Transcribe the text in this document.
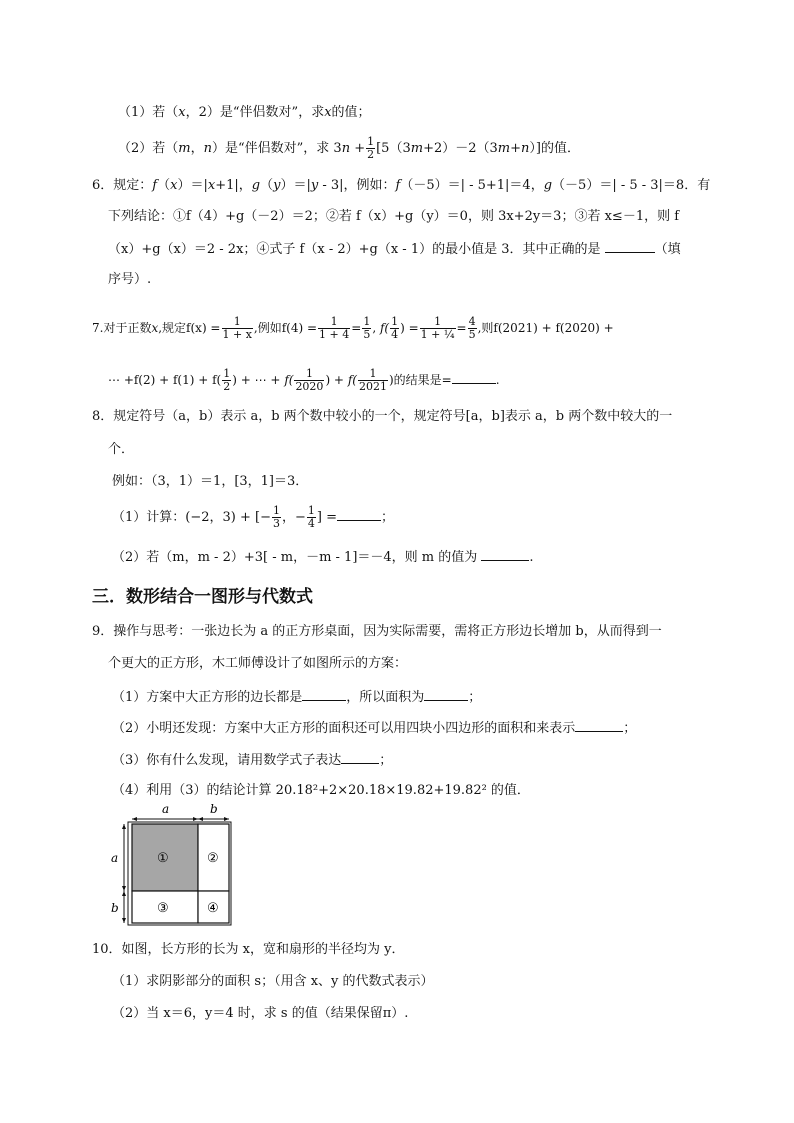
（1）若（x，2）是“伴侣数对”，求x的值；
（2）若（m，n）是“伴侣数对”，求 $3n + \frac{1}{2} [5(3m+2)-2(3m+n)]$的值．
6．规定：f（x）＝|x+1|，g（y）＝|y - 3|，例如：f（－5）＝| - 5+1|＝4，g（－5）＝| - 5 - 3|＝8．有
下列结论：①f（4）+g（－2）＝2；②若 f（x）+g（y）＝0，则 3x+2y＝3；③若 x≤－1，则 f
（x）+g（x）＝2 - 2x；④式子 f（x - 2）+g（x - 1）的最小值是 3．其中正确的是	（填
序号）.
7.对于正数x,规定$f(x) = \frac{1}{1 + x}$ ,例如$f(4) = \frac{1}{1 + 4} = \frac{1}{5}$ , $f( \frac{1}{4}$ ) = $\frac{1}{\text{1 + ¼}} = \frac{4}{5}$ ,则f(2021) + f(2020) +
⋯ $+f(2) + f(1) + f( \frac{1}{2}$ ) + ⋯ + $f( \frac{1}{2020}$ ) + $f( \frac{1}{2021}$ )的结果是=	.
8．规定符号（a，b）表示 a，b 两个数中较小的一个，规定符号[a，b]表示 a，b 两个数中较大的一
个．
例如：（3，1）＝1，[3，1]＝3．
（1）计算：(−2，3) + [− $\frac{1}{3}$ ，− $\frac{1}{4}$ ] =	；
（2）若（m，m - 2）+3[ - m，－m - 1]＝－4，则 m 的值为	.
三．数形结合一图形与代数式
9．操作与思考：一张边长为 a 的正方形桌面，因为实际需要，需将正方形边长增加 b，从而得到一
个更大的正方形，木工师傅设计了如图所示的方案：
（1）方案中大正方形的边长都是	，所以面积为	；
（2）小明还发现：方案中大正方形的面积还可以用四块小四边形的面积和来表示	；
（3）你有什么发现，请用数学式子表达	；
（4）利用（3）的结论计算 20.18²+2×20.18×19.82+19.82² 的值．
a	b
a
b
①	②
③	④
10．如图，长方形的长为 x，宽和扇形的半径均为 y．
（1）求阴影部分的面积 s；（用含 x、y 的代数式表示）
（2）当 x＝6，y＝4 时，求 s 的值（结果保留π）.
